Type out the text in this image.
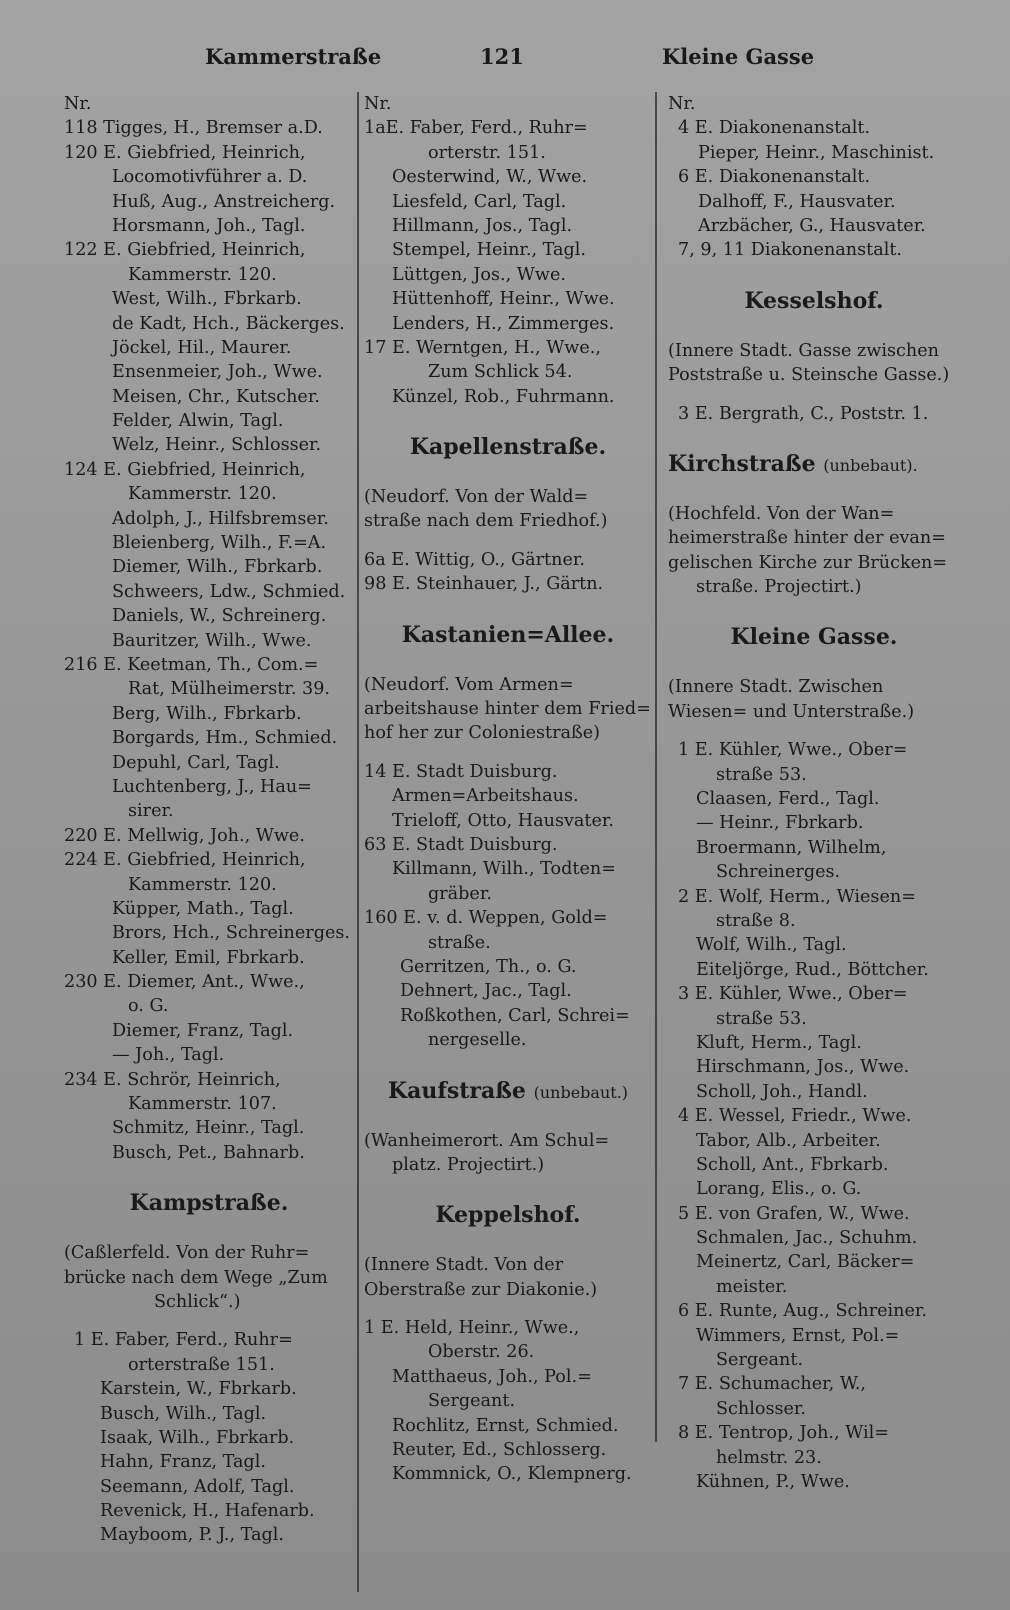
Kammerstraße	121	Kleine Gasse
Nr.
118 Tigges, H., Bremser a.D.
120 E. Giebfried, Heinrich,
Locomotivführer a. D.
Huß, Aug., Anstreicherg.
Horsmann, Joh., Tagl.
122 E. Giebfried, Heinrich,
Kammerstr. 120.
West, Wilh., Fbrkarb.
de Kadt, Hch., Bäckerges.
Jöckel, Hil., Maurer.
Ensenmeier, Joh., Wwe.
Meisen, Chr., Kutscher.
Felder, Alwin, Tagl.
Welz, Heinr., Schlosser.
124 E. Giebfried, Heinrich,
Kammerstr. 120.
Adolph, J., Hilfsbremser.
Bleienberg, Wilh., F.=A.
Diemer, Wilh., Fbrkarb.
Schweers, Ldw., Schmied.
Daniels, W., Schreinerg.
Bauritzer, Wilh., Wwe.
216 E. Keetman, Th., Com.=
Rat, Mülheimerstr. 39.
Berg, Wilh., Fbrkarb.
Borgards, Hm., Schmied.
Depuhl, Carl, Tagl.
Luchtenberg, J., Hau=
sirer.
220 E. Mellwig, Joh., Wwe.
224 E. Giebfried, Heinrich,
Kammerstr. 120.
Küpper, Math., Tagl.
Brors, Hch., Schreinerges.
Keller, Emil, Fbrkarb.
230 E. Diemer, Ant., Wwe.,
o. G.
Diemer, Franz, Tagl.
— Joh., Tagl.
234 E. Schrör, Heinrich,
Kammerstr. 107.
Schmitz, Heinr., Tagl.
Busch, Pet., Bahnarb.
Kampstraße.
(Caßlerfeld. Von der Ruhr=
brücke nach dem Wege „Zum
Schlick“.)
1 E. Faber, Ferd., Ruhr=
orterstraße 151.
Karstein, W., Fbrkarb.
Busch, Wilh., Tagl.
Isaak, Wilh., Fbrkarb.
Hahn, Franz, Tagl.
Seemann, Adolf, Tagl.
Revenick, H., Hafenarb.
Mayboom, P. J., Tagl.
Nr.
1aE. Faber, Ferd., Ruhr=
orterstr. 151.
Oesterwind, W., Wwe.
Liesfeld, Carl, Tagl.
Hillmann, Jos., Tagl.
Stempel, Heinr., Tagl.
Lüttgen, Jos., Wwe.
Hüttenhoff, Heinr., Wwe.
Lenders, H., Zimmerges.
17 E. Werntgen, H., Wwe.,
Zum Schlick 54.
Künzel, Rob., Fuhrmann.
Kapellenstraße.
(Neudorf. Von der Wald=
straße nach dem Friedhof.)
6a E. Wittig, O., Gärtner.
98 E. Steinhauer, J., Gärtn.
Kastanien=Allee.
(Neudorf. Vom Armen=
arbeitshause hinter dem Fried=
hof her zur Coloniestraße)
14 E. Stadt Duisburg.
Armen=Arbeitshaus.
Trieloff, Otto, Hausvater.
63 E. Stadt Duisburg.
Killmann, Wilh., Todten=
gräber.
160 E. v. d. Weppen, Gold=
straße.
Gerritzen, Th., o. G.
Dehnert, Jac., Tagl.
Roßkothen, Carl, Schrei=
nergeselle.
Kaufstraße (unbebaut.)
(Wanheimerort. Am Schul=
platz. Projectirt.)
Keppelshof.
(Innere Stadt. Von der
Oberstraße zur Diakonie.)
1 E. Held, Heinr., Wwe.,
Oberstr. 26.
Matthaeus, Joh., Pol.=
Sergeant.
Rochlitz, Ernst, Schmied.
Reuter, Ed., Schlosserg.
Kommnick, O., Klempnerg.
Nr.
4 E. Diakonenanstalt.
Pieper, Heinr., Maschinist.
6 E. Diakonenanstalt.
Dalhoff, F., Hausvater.
Arzbächer, G., Hausvater.
7, 9, 11 Diakonenanstalt.
Kesselshof.
(Innere Stadt. Gasse zwischen
Poststraße u. Steinsche Gasse.)
3 E. Bergrath, C., Poststr. 1.
Kirchstraße (unbebaut).
(Hochfeld. Von der Wan=
heimerstraße hinter der evan=
gelischen Kirche zur Brücken=
straße. Projectirt.)
Kleine Gasse.
(Innere Stadt. Zwischen
Wiesen= und Unterstraße.)
1 E. Kühler, Wwe., Ober=
straße 53.
Claasen, Ferd., Tagl.
— Heinr., Fbrkarb.
Broermann, Wilhelm,
Schreinerges.
2 E. Wolf, Herm., Wiesen=
straße 8.
Wolf, Wilh., Tagl.
Eiteljörge, Rud., Böttcher.
3 E. Kühler, Wwe., Ober=
straße 53.
Kluft, Herm., Tagl.
Hirschmann, Jos., Wwe.
Scholl, Joh., Handl.
4 E. Wessel, Friedr., Wwe.
Tabor, Alb., Arbeiter.
Scholl, Ant., Fbrkarb.
Lorang, Elis., o. G.
5 E. von Grafen, W., Wwe.
Schmalen, Jac., Schuhm.
Meinertz, Carl, Bäcker=
meister.
6 E. Runte, Aug., Schreiner.
Wimmers, Ernst, Pol.=
Sergeant.
7 E. Schumacher, W.,
Schlosser.
8 E. Tentrop, Joh., Wil=
helmstr. 23.
Kühnen, P., Wwe.
